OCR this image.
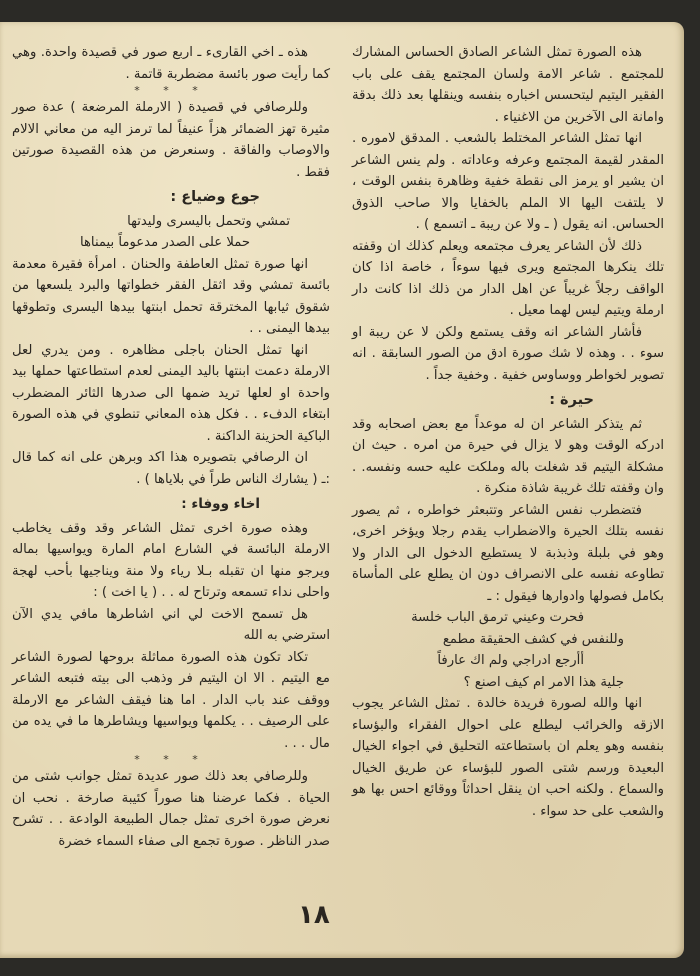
هذه الصورة تمثل الشاعر الصادق الحساس المشارك للمجتمع . شاعر الامة ولسان المجتمع يقف على باب الفقير اليتيم ليتحسس اخباره بنفسه وينقلها بعد ذلك بدقة وامانة الى الآخرين من الاغنياء .

انها تمثل الشاعر المختلط بالشعب . المدقق لاموره . المقدر لقيمة المجتمع وعرفه وعاداته . ولم ينس الشاعر ان يشير او يرمز الى نقطة خفية وظاهرة بنفس الوقت ، لا يلتفت اليها الا الملم بالخفايا والا صاحب الذوق الحساس. انه يقول ( ـ ولا عن ريبة ـ اتسمع ) .

ذلك لأن الشاعر يعرف مجتمعه ويعلم كذلك ان وقفته تلك ينكرها المجتمع ويرى فيها سوءاً ، خاصة اذا كان الواقف رجلاً غريباً عن اهل الدار من ذلك اذا كانت دار ارملة ويتيم ليس لهما معيل .

فأشار الشاعر انه وقف يستمع ولكن لا عن ريبة او سوء . . وهذه لا شك صورة ادق من الصور السابقة . انه تصوير لخواطر ووساوس خفية . وخفية جداً .

حيرة :

ثم يتذكر الشاعر ان له موعداً مع بعض اصحابه وقد ادركه الوقت وهو لا يزال في حيرة من امره . حيث ان مشكلة اليتيم قد شغلت باله وملكت عليه حسه ونفسه. . وان وقفته تلك غريبة شاذة منكرة .

فتضطرب نفس الشاعر وتتبعثر خواطره ، ثم يصور نفسه بتلك الحيرة والاضطراب يقدم رجلا ويؤخر اخرى، وهو في بلبلة وذبذبة لا يستطيع الدخول الى الدار ولا تطاوعه نفسه على الانصراف دون ان يطلع على المأساة بكامل فصولها وادوارها فيقول : ـ

فحرت وعيني ترمق الباب خلسة
وللنفس في كشف الحقيقة مطمع
أأرجع ادراجي ولم اك عارفاً
جلية هذا الامر ام كيف اصنع ؟

انها والله لصورة فريدة خالدة . تمثل الشاعر يجوب الازقه والخرائب ليطلع على احوال الفقراء والبؤساء بنفسه وهو يعلم ان باستطاعته التحليق في اجواء الخيال البعيدة ورسم شتى الصور للبؤساء عن طريق الخيال والسماع . ولكنه احب ان ينقل احداثاً ووقائع احس بها هو والشعب على حد سواء .

هذه ـ اخي القارىء ـ اربع صور في قصيدة واحدة. وهي كما رأيت صور بائسة مضطربة قاتمة .

* * *

وللرصافي في قصيدة ( الارملة المرضعة ) عدة صور مثيرة تهز الضمائر هزاً عنيفاً لما ترمز اليه من معاني الالام والاوصاب والفاقة . وسنعرض من هذه القصيدة صورتين فقط .

جوع وضياع :

تمشي وتحمل باليسرى وليدتها
حملا على الصدر مدعوماً بيمناها

انها صورة تمثل العاطفة والحنان . امرأة فقيرة معدمة بائسة تمشي وقد اثقل الفقر خطواتها والبرد يلسعها من شقوق ثيابها المخترقة تحمل ابنتها بيدها اليسرى وتطوقها بيدها اليمنى . .

انها تمثل الحنان باجلى مظاهره . ومن يدري لعل الارملة دعمت ابنتها باليد اليمنى لعدم استطاعتها حملها بيد واحدة او لعلها تريد ضمها الى صدرها الثائر المضطرب ابتغاء الدفء . . فكل هذه المعاني تنطوي في هذه الصورة الباكية الحزينة الداكنة .

ان الرصافي بتصويره هذا اكد وبرهن على انه كما قال :ـ ( يشارك الناس طراً في بلاياها ) .

اخاء ووفاء :

وهذه صورة اخرى تمثل الشاعر وقد وقف يخاطب الارملة البائسة في الشارع امام المارة ويواسيها بماله ويرجو منها ان تقبله بـلا رياء ولا منة ويناجيها بأحب لهجة واحلى نداء تسمعه وترتاح له . . ( يا اخت ) :

هل تسمح الاخت لي اني اشاطرها مافي يدي الآن استرضي به الله

تكاد تكون هذه الصورة مماثلة بروحها لصورة الشاعر مع اليتيم . الا ان اليتيم فر وذهب الى بيته فتبعه الشاعر ووقف عند باب الدار . اما هنا فيقف الشاعر مع الارملة على الرصيف . . يكلمها ويواسيها ويشاطرها ما في يده من مال . . .

* * *

وللرصافي بعد ذلك صور عديدة تمثل جوانب شتى من الحياة . فكما عرضنا هنا صوراً كئيبة صارخة . نحب ان نعرض صورة اخرى تمثل جمال الطبيعة الوادعة . . تشرح صدر الناظر . صورة تجمع الى صفاء السماء خضرة

١٨
